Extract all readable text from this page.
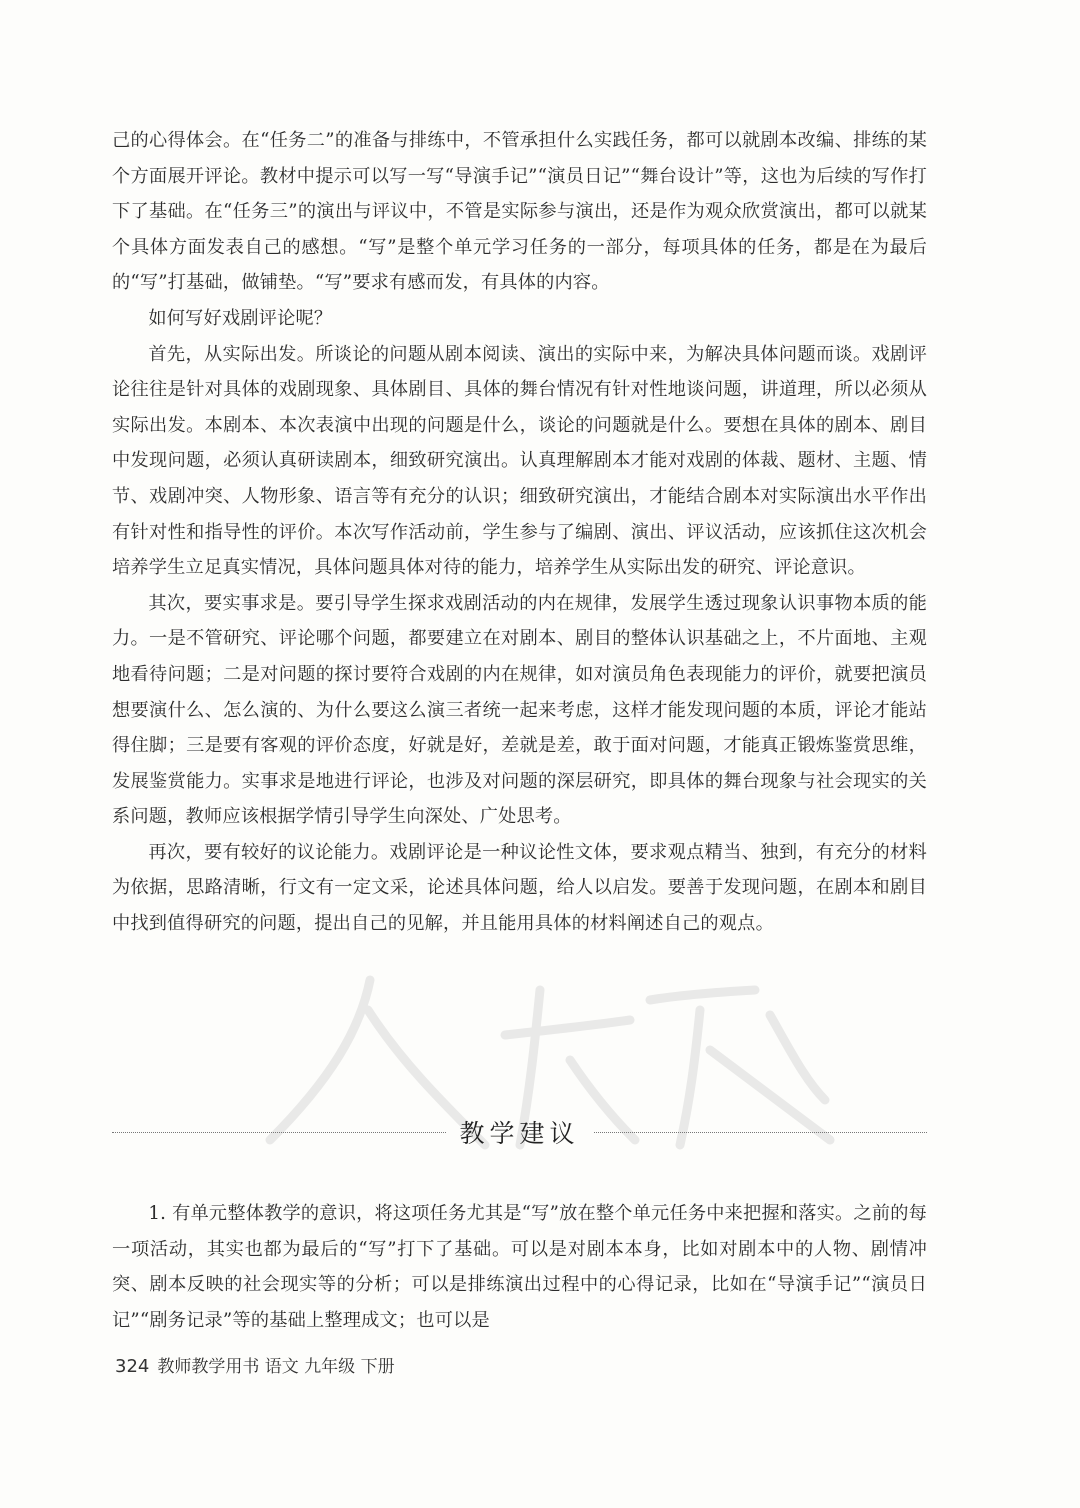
己的心得体会。在“任务二”的准备与排练中，不管承担什么实践任务，都可以就剧本改编、排练的某个方面展开评论。教材中提示可以写一写“导演手记”“演员日记”“舞台设计”等，这也为后续的写作打下了基础。在“任务三”的演出与评议中，不管是实际参与演出，还是作为观众欣赏演出，都可以就某个具体方面发表自己的感想。“写”是整个单元学习任务的一部分，每项具体的任务，都是在为最后的“写”打基础，做铺垫。“写”要求有感而发，有具体的内容。

如何写好戏剧评论呢？

首先，从实际出发。所谈论的问题从剧本阅读、演出的实际中来，为解决具体问题而谈。戏剧评论往往是针对具体的戏剧现象、具体剧目、具体的舞台情况有针对性地谈问题，讲道理，所以必须从实际出发。本剧本、本次表演中出现的问题是什么，谈论的问题就是什么。要想在具体的剧本、剧目中发现问题，必须认真研读剧本，细致研究演出。认真理解剧本才能对戏剧的体裁、题材、主题、情节、戏剧冲突、人物形象、语言等有充分的认识；细致研究演出，才能结合剧本对实际演出水平作出有针对性和指导性的评价。本次写作活动前，学生参与了编剧、演出、评议活动，应该抓住这次机会培养学生立足真实情况，具体问题具体对待的能力，培养学生从实际出发的研究、评论意识。

其次，要实事求是。要引导学生探求戏剧活动的内在规律，发展学生透过现象认识事物本质的能力。一是不管研究、评论哪个问题，都要建立在对剧本、剧目的整体认识基础之上，不片面地、主观地看待问题；二是对问题的探讨要符合戏剧的内在规律，如对演员角色表现能力的评价，就要把演员想要演什么、怎么演的、为什么要这么演三者统一起来考虑，这样才能发现问题的本质，评论才能站得住脚；三是要有客观的评价态度，好就是好，差就是差，敢于面对问题，才能真正锻炼鉴赏思维，发展鉴赏能力。实事求是地进行评论，也涉及对问题的深层研究，即具体的舞台现象与社会现实的关系问题，教师应该根据学情引导学生向深处、广处思考。

再次，要有较好的议论能力。戏剧评论是一种议论性文体，要求观点精当、独到，有充分的材料为依据，思路清晰，行文有一定文采，论述具体问题，给人以启发。要善于发现问题，在剧本和剧目中找到值得研究的问题，提出自己的见解，并且能用具体的材料阐述自己的观点。

教学建议

1. 有单元整体教学的意识，将这项任务尤其是“写”放在整个单元任务中来把握和落实。之前的每一项活动，其实也都为最后的“写”打下了基础。可以是对剧本本身，比如对剧本中的人物、剧情冲突、剧本反映的社会现实等的分析；可以是排练演出过程中的心得记录，比如在“导演手记”“演员日记”“剧务记录”等的基础上整理成文；也可以是

324 教师教学用书 语文 九年级 下册
